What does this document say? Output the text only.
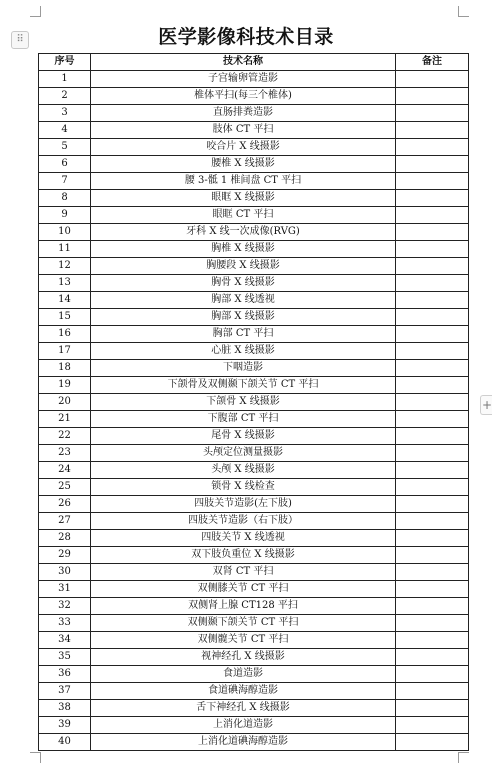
⠿
+
医学影像科技术目录
序号	技术名称	备注
1	子宫输卵管造影	
2	椎体平扫(每三个椎体)	
3	直肠排粪造影	
4	肢体 CT 平扫	
5	咬合片 X 线摄影	
6	腰椎 X 线摄影	
7	腰 3-骶 1 椎间盘 CT 平扫	
8	眼眶 X 线摄影	
9	眼眶 CT 平扫	
10	牙科 X 线一次成像(RVG)	
11	胸椎 X 线摄影	
12	胸腰段 X 线摄影	
13	胸骨 X 线摄影	
14	胸部 X 线透视	
15	胸部 X 线摄影	
16	胸部 CT 平扫	
17	心脏 X 线摄影	
18	下咽造影	
19	下颌骨及双侧颞下颌关节 CT 平扫	
20	下颌骨 X 线摄影	
21	下腹部 CT 平扫	
22	尾骨 X 线摄影	
23	头颅定位测量摄影	
24	头颅 X 线摄影	
25	锁骨 X 线检查	
26	四肢关节造影(左下肢)	
27	四肢关节造影（右下肢）	
28	四肢关节 X 线透视	
29	双下肢负重位 X 线摄影	
30	双肾 CT 平扫	
31	双侧膝关节 CT 平扫	
32	双侧肾上腺 CT128 平扫	
33	双侧颞下颌关节 CT 平扫	
34	双侧髋关节 CT 平扫	
35	视神经孔 X 线摄影	
36	食道造影	
37	食道碘海醇造影	
38	舌下神经孔 X 线摄影	
39	上消化道造影	
40	上消化道碘海醇造影	
